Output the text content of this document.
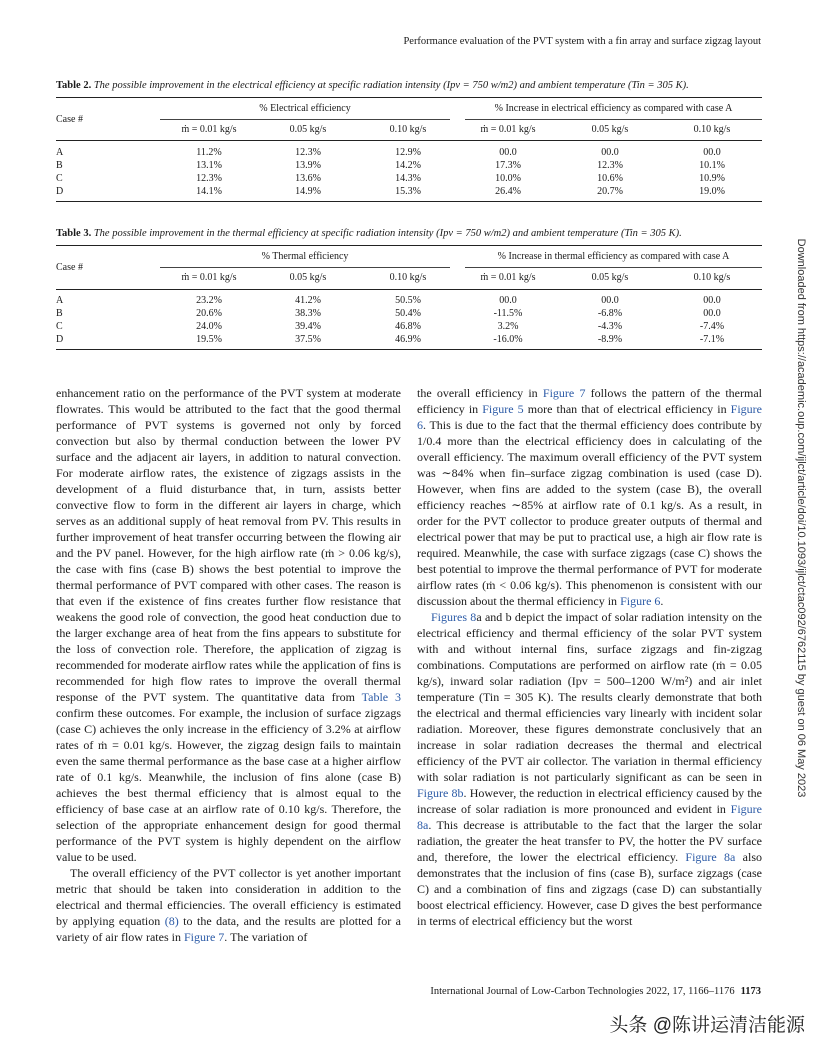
Performance evaluation of the PVT system with a fin array and surface zigzag layout
Table 2. The possible improvement in the electrical efficiency at specific radiation intensity (Ipv = 750 w/m2) and ambient temperature (Tin = 305 K).
Case #
% Electrical efficiency	% Increase in electrical efficiency as compared with case A
	ṁ = 0.01 kg/s	0.05 kg/s	0.10 kg/s	ṁ = 0.01 kg/s	0.05 kg/s	0.10 kg/s
A	11.2%	12.3%	12.9%	00.0	00.0	00.0
B	13.1%	13.9%	14.2%	17.3%	12.3%	10.1%
C	12.3%	13.6%	14.3%	10.0%	10.6%	10.9%
D	14.1%	14.9%	15.3%	26.4%	20.7%	19.0%
Table 3. The possible improvement in the thermal efficiency at specific radiation intensity (Ipv = 750 w/m2) and ambient temperature (Tin = 305 K).
Case #
% Thermal efficiency	% Increase in thermal efficiency as compared with case A
	ṁ = 0.01 kg/s	0.05 kg/s	0.10 kg/s	ṁ = 0.01 kg/s	0.05 kg/s	0.10 kg/s
A	23.2%	41.2%	50.5%	00.0	00.0	00.0
B	20.6%	38.3%	50.4%	-11.5%	-6.8%	00.0
C	24.0%	39.4%	46.8%	3.2%	-4.3%	-7.4%
D	19.5%	37.5%	46.9%	-16.0%	-8.9%	-7.1%

enhancement ratio on the performance of the PVT system at moderate flowrates. This would be attributed to the fact that the good thermal performance of PVT systems is governed not only by forced convection but also by thermal conduction between the lower PV surface and the adjacent air layers, in addition to natural convection. For moderate airflow rates, the existence of zigzags assists in the development of a fluid disturbance that, in turn, assists better convective flow to form in the different air layers in charge, which serves as an additional supply of heat removal from PV. This results in further improvement of heat transfer occurring between the flowing air and the PV panel. However, for the high airflow rate (ṁ > 0.06 kg/s), the case with fins (case B) shows the best potential to improve the thermal performance of PVT compared with other cases. The reason is that even if the existence of fins creates further flow resistance that weakens the good role of convection, the good heat conduction due to the larger exchange area of heat from the fins appears to substitute for the loss of convection role. Therefore, the application of zigzag is recommended for moderate airflow rates while the application of fins is recommended for high flow rates to improve the overall thermal response of the PVT system. The quantitative data from Table 3 confirm these outcomes. For example, the inclusion of surface zigzags (case C) achieves the only increase in the efficiency of 3.2% at airflow rates of ṁ = 0.01 kg/s. However, the zigzag design fails to maintain even the same thermal performance as the base case at a higher airflow rate of 0.1 kg/s. Meanwhile, the inclusion of fins alone (case B) achieves the best thermal efficiency that is almost equal to the efficiency of base case at an airflow rate of 0.10 kg/s. Therefore, the selection of the appropriate enhancement design for good thermal performance of the PVT system is highly dependent on the airflow value to be used.

The overall efficiency of the PVT collector is yet another important metric that should be taken into consideration in addition to the electrical and thermal efficiencies. The overall efficiency is estimated by applying equation (8) to the data, and the results are plotted for a variety of air flow rates in Figure 7. The variation of

the overall efficiency in Figure 7 follows the pattern of the thermal efficiency in Figure 5 more than that of electrical efficiency in Figure 6. This is due to the fact that the thermal efficiency does contribute by 1/0.4 more than the electrical efficiency does in calculating of the overall efficiency. The maximum overall efficiency of the PVT system was ∼84% when fin–surface zigzag combination is used (case D). However, when fins are added to the system (case B), the overall efficiency reaches ∼85% at airflow rate of 0.1 kg/s. As a result, in order for the PVT collector to produce greater outputs of thermal and electrical power that may be put to practical use, a high air flow rate is required. Meanwhile, the case with surface zigzags (case C) shows the best potential to improve the thermal performance of PVT for moderate airflow rates (ṁ < 0.06 kg/s). This phenomenon is consistent with our discussion about the thermal efficiency in Figure 6.

Figures 8a and b depict the impact of solar radiation intensity on the electrical efficiency and thermal efficiency of the solar PVT system with and without internal fins, surface zigzags and fin-zigzag combinations. Computations are performed on airflow rate (ṁ = 0.05 kg/s), inward solar radiation (Ipv = 500–1200 W/m²) and air inlet temperature (Tin = 305 K). The results clearly demonstrate that both the electrical and thermal efficiencies vary linearly with incident solar radiation. Moreover, these figures demonstrate conclusively that an increase in solar radiation decreases the thermal and electrical efficiency of the PVT air collector. The variation in thermal efficiency with solar radiation is not particularly significant as can be seen in Figure 8b. However, the reduction in electrical efficiency caused by the increase of solar radiation is more pronounced and evident in Figure 8a. This decrease is attributable to the fact that the larger the solar radiation, the greater the heat transfer to PV, the hotter the PV surface and, therefore, the lower the electrical efficiency. Figure 8a also demonstrates that the inclusion of fins (case B), surface zigzags (case C) and a combination of fins and zigzags (case D) can substantially boost electrical efficiency. However, case D gives the best performance in terms of electrical efficiency but the worst

Downloaded from https://academic.oup.com/ijlct/article/doi/10.1093/ijlct/ctac092/6762115 by guest on 06 May 2023
International Journal of Low-Carbon Technologies 2022, 17, 1166–1176 1173
头条 @陈讲运清洁能源
